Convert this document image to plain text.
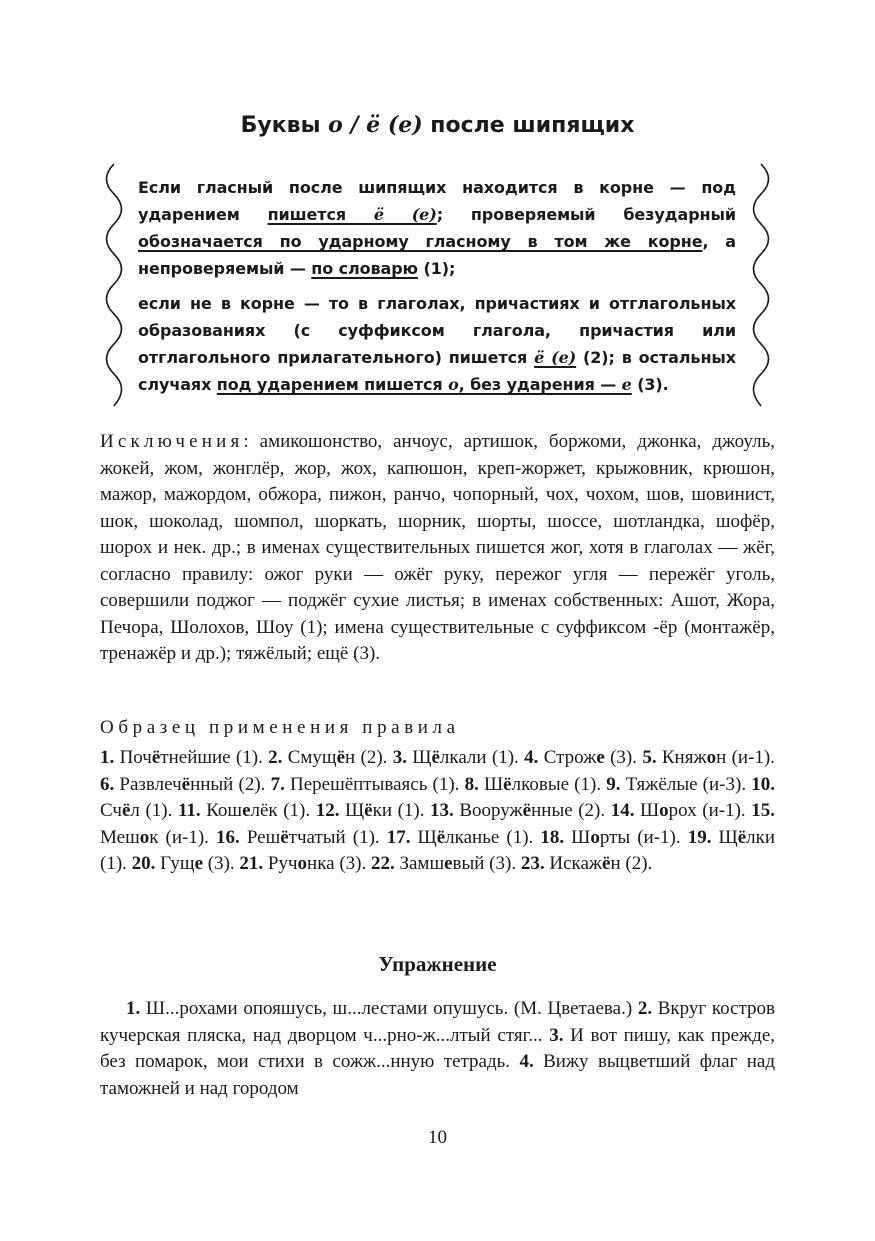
Буквы о / ё (е) после шипящих

Если гласный после шипящих находится в корне — под ударением пишется ё (е); проверяемый безударный обозначается по ударному гласному в том же корне, а непроверяемый — по словарю (1);

если не в корне — то в глаголах, причастиях и отглагольных образованиях (с суффиксом глагола, причастия или отглагольного прилагательного) пишется ё (е) (2); в остальных случаях под ударением пишется о, без ударения — е (3).

Исключения: амикошонство, анчоус, артишок, боржоми, джонка, джоуль, жокей, жом, жонглёр, жор, жох, капюшон, креп-жоржет, крыжовник, крюшон, мажор, мажордом, обжора, пижон, ранчо, чопорный, чох, чохом, шов, шовинист, шок, шоколад, шомпол, шоркать, шорник, шорты, шоссе, шотландка, шофёр, шорох и нек. др.; в именах существительных пишется жог, хотя в глаголах — жёг, согласно правилу: ожог руки — ожёг руку, пережог угля — пережёг уголь, совершили поджог — поджёг сухие листья; в именах собственных: Ашот, Жора, Печора, Шолохов, Шоу (1); имена существительные с суффиксом -ёр (монтажёр, тренажёр и др.); тяжёлый; ещё (3).

Образец применения правила

1. Почётнейшие (1). 2. Смущён (2). 3. Щёлкали (1). 4. Строже (3). 5. Княжон (и-1). 6. Развлечённый (2). 7. Перешёптываясь (1). 8. Шёлковые (1). 9. Тяжёлые (и-3). 10. Счёл (1). 11. Кошелёк (1). 12. Щёки (1). 13. Вооружённые (2). 14. Шорох (и-1). 15. Мешок (и-1). 16. Решётчатый (1). 17. Щёлканье (1). 18. Шорты (и-1). 19. Щёлки (1). 20. Гуще (3). 21. Ручонка (3). 22. Замшевый (3). 23. Искажён (2).

Упражнение

1. Ш...рохами опояшусь, ш...лестами опушусь. (М. Цветаева.) 2. Вкруг костров кучерская пляска, над дворцом ч...рно-ж...лтый стяг... 3. И вот пишу, как прежде, без помарок, мои стихи в сожж...нную тетрадь. 4. Вижу выцветший флаг над таможней и над городом

10
